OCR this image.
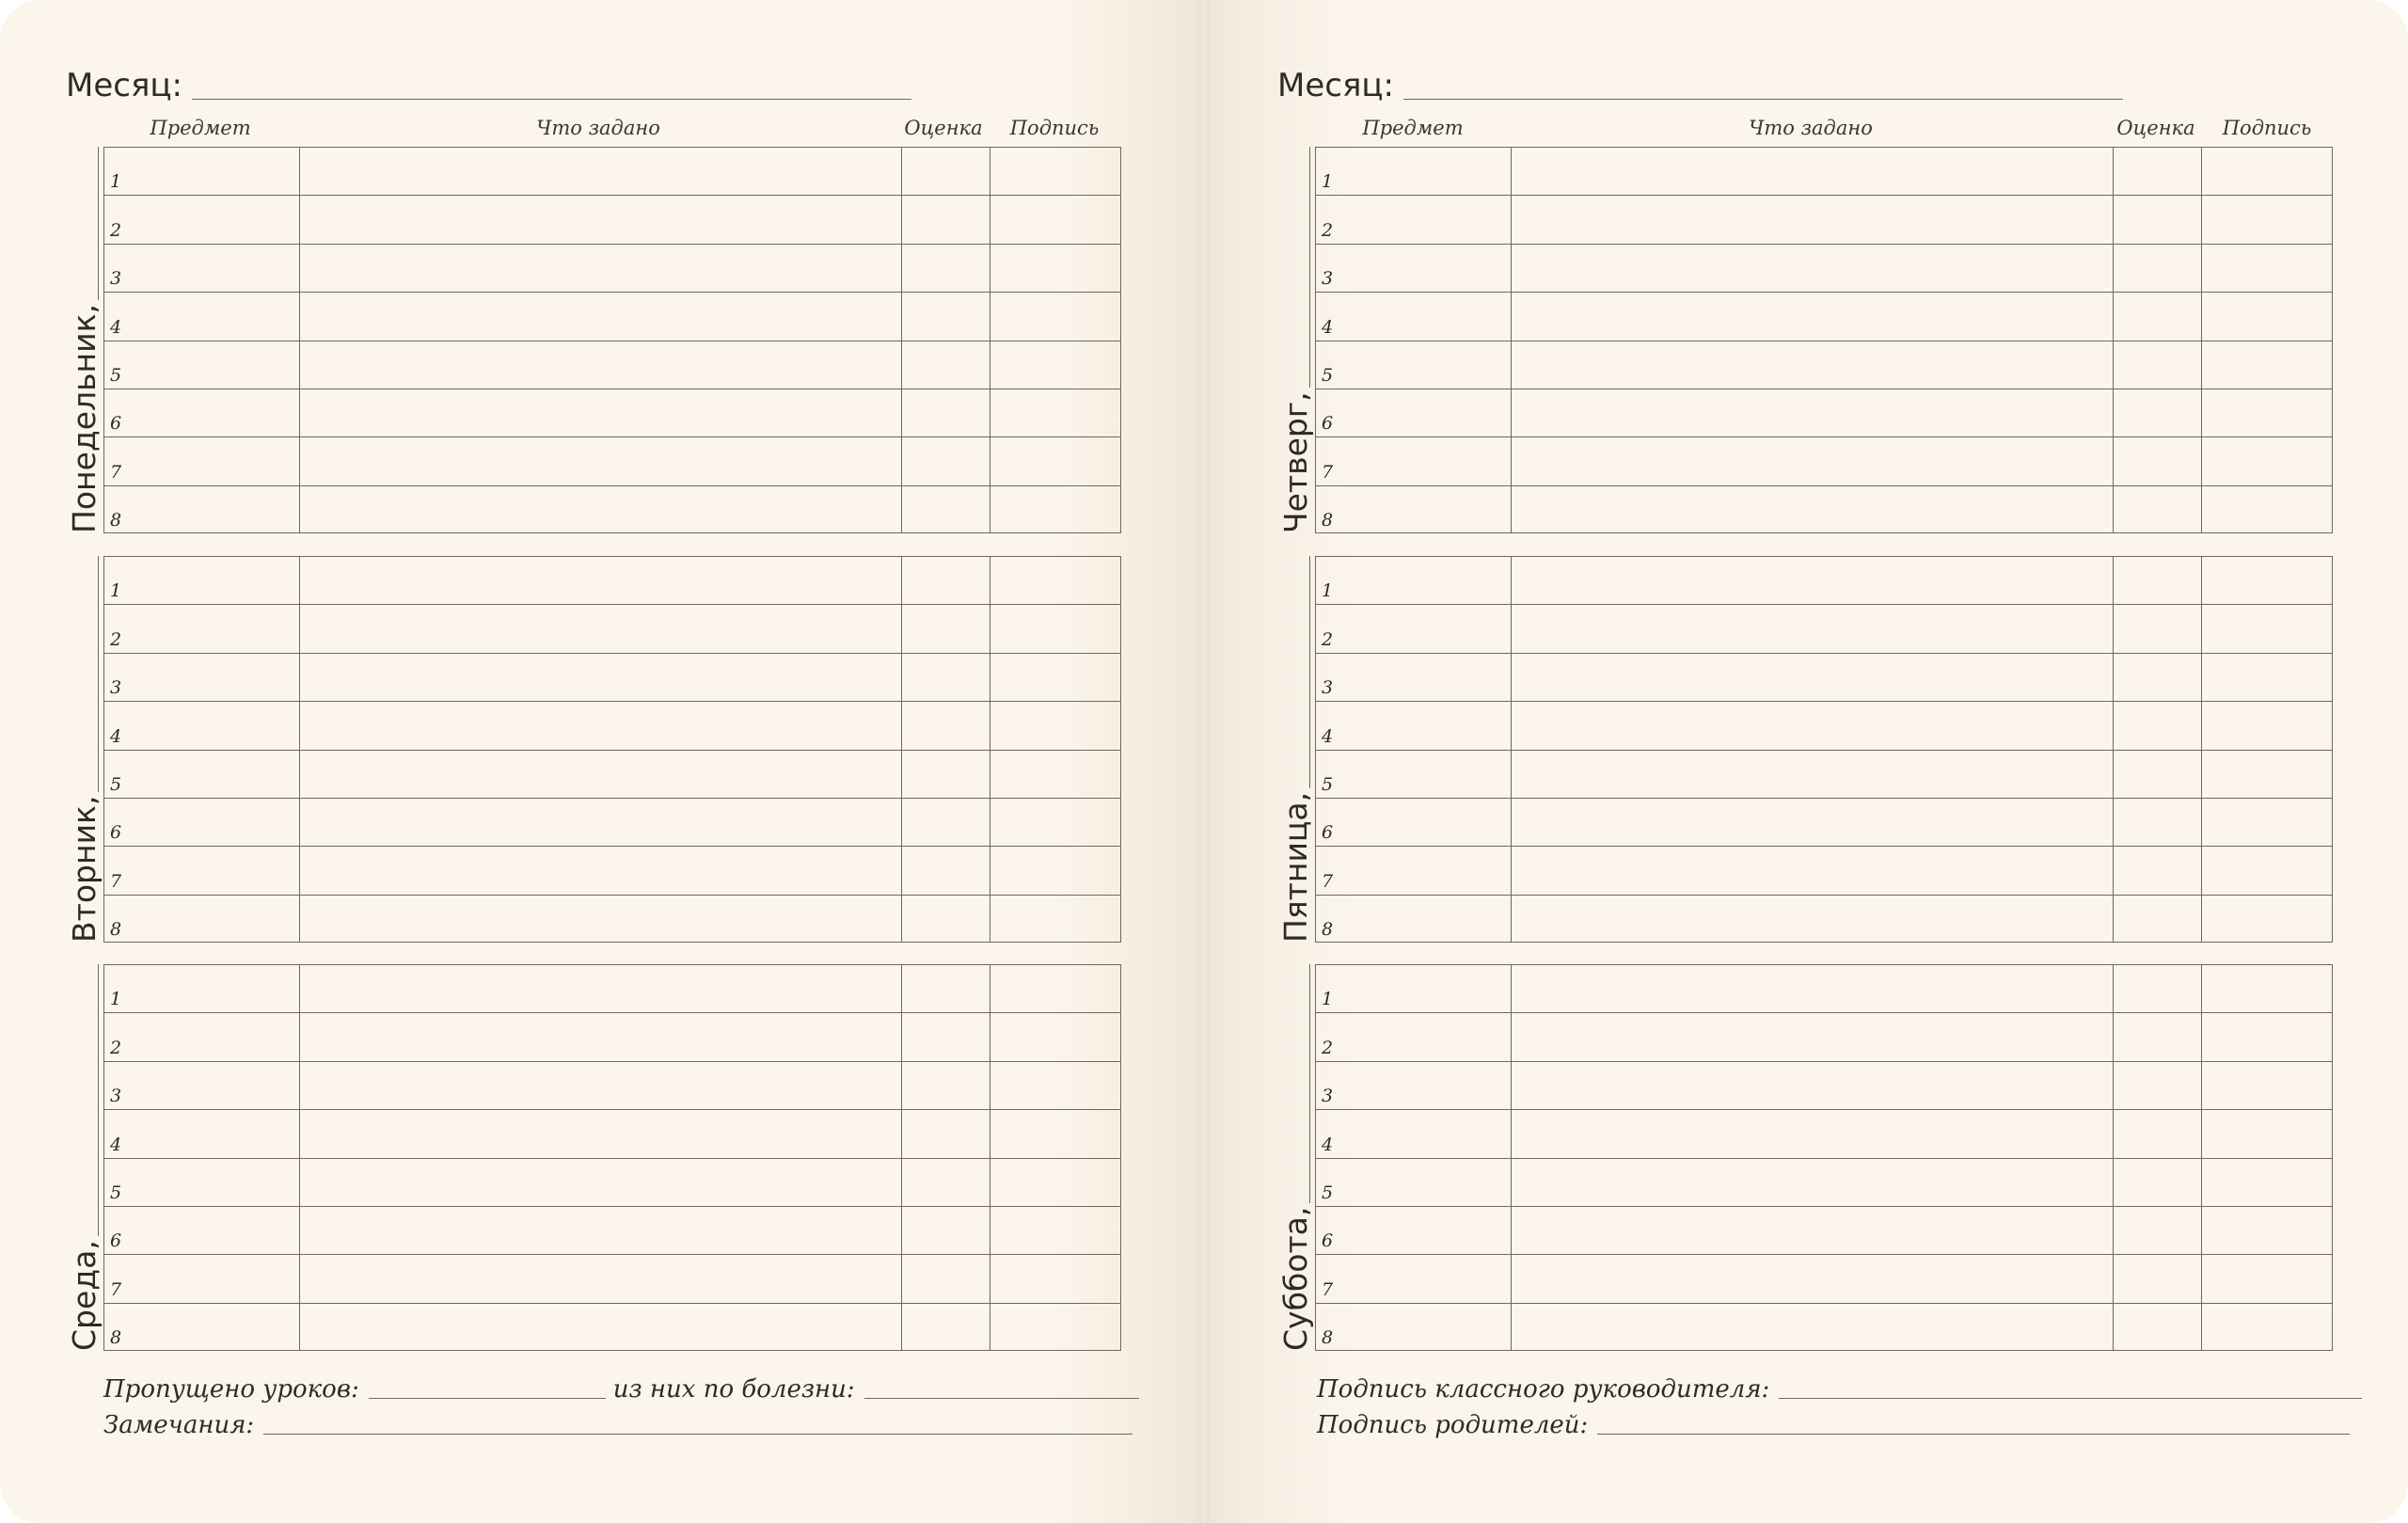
Месяц:
Предмет	Что задано	Оценка Подпись
Понедельник,
1
2
3
4
5
6
7
8
Вторник,
1
2
3
4
5
6
7
8
Среда,
1
2
3
4
5
6
7
8
Пропущено уроков:	из них по болезни:
Замечания:
Месяц:
Предмет	Что задано	Оценка Подпись
Четверг,
1
2
3
4
5
6
7
8
Пятница,
1
2
3
4
5
6
7
8
Суббота,
1
2
3
4
5
6
7
8
Подпись классного руководителя:
Подпись родителей:
